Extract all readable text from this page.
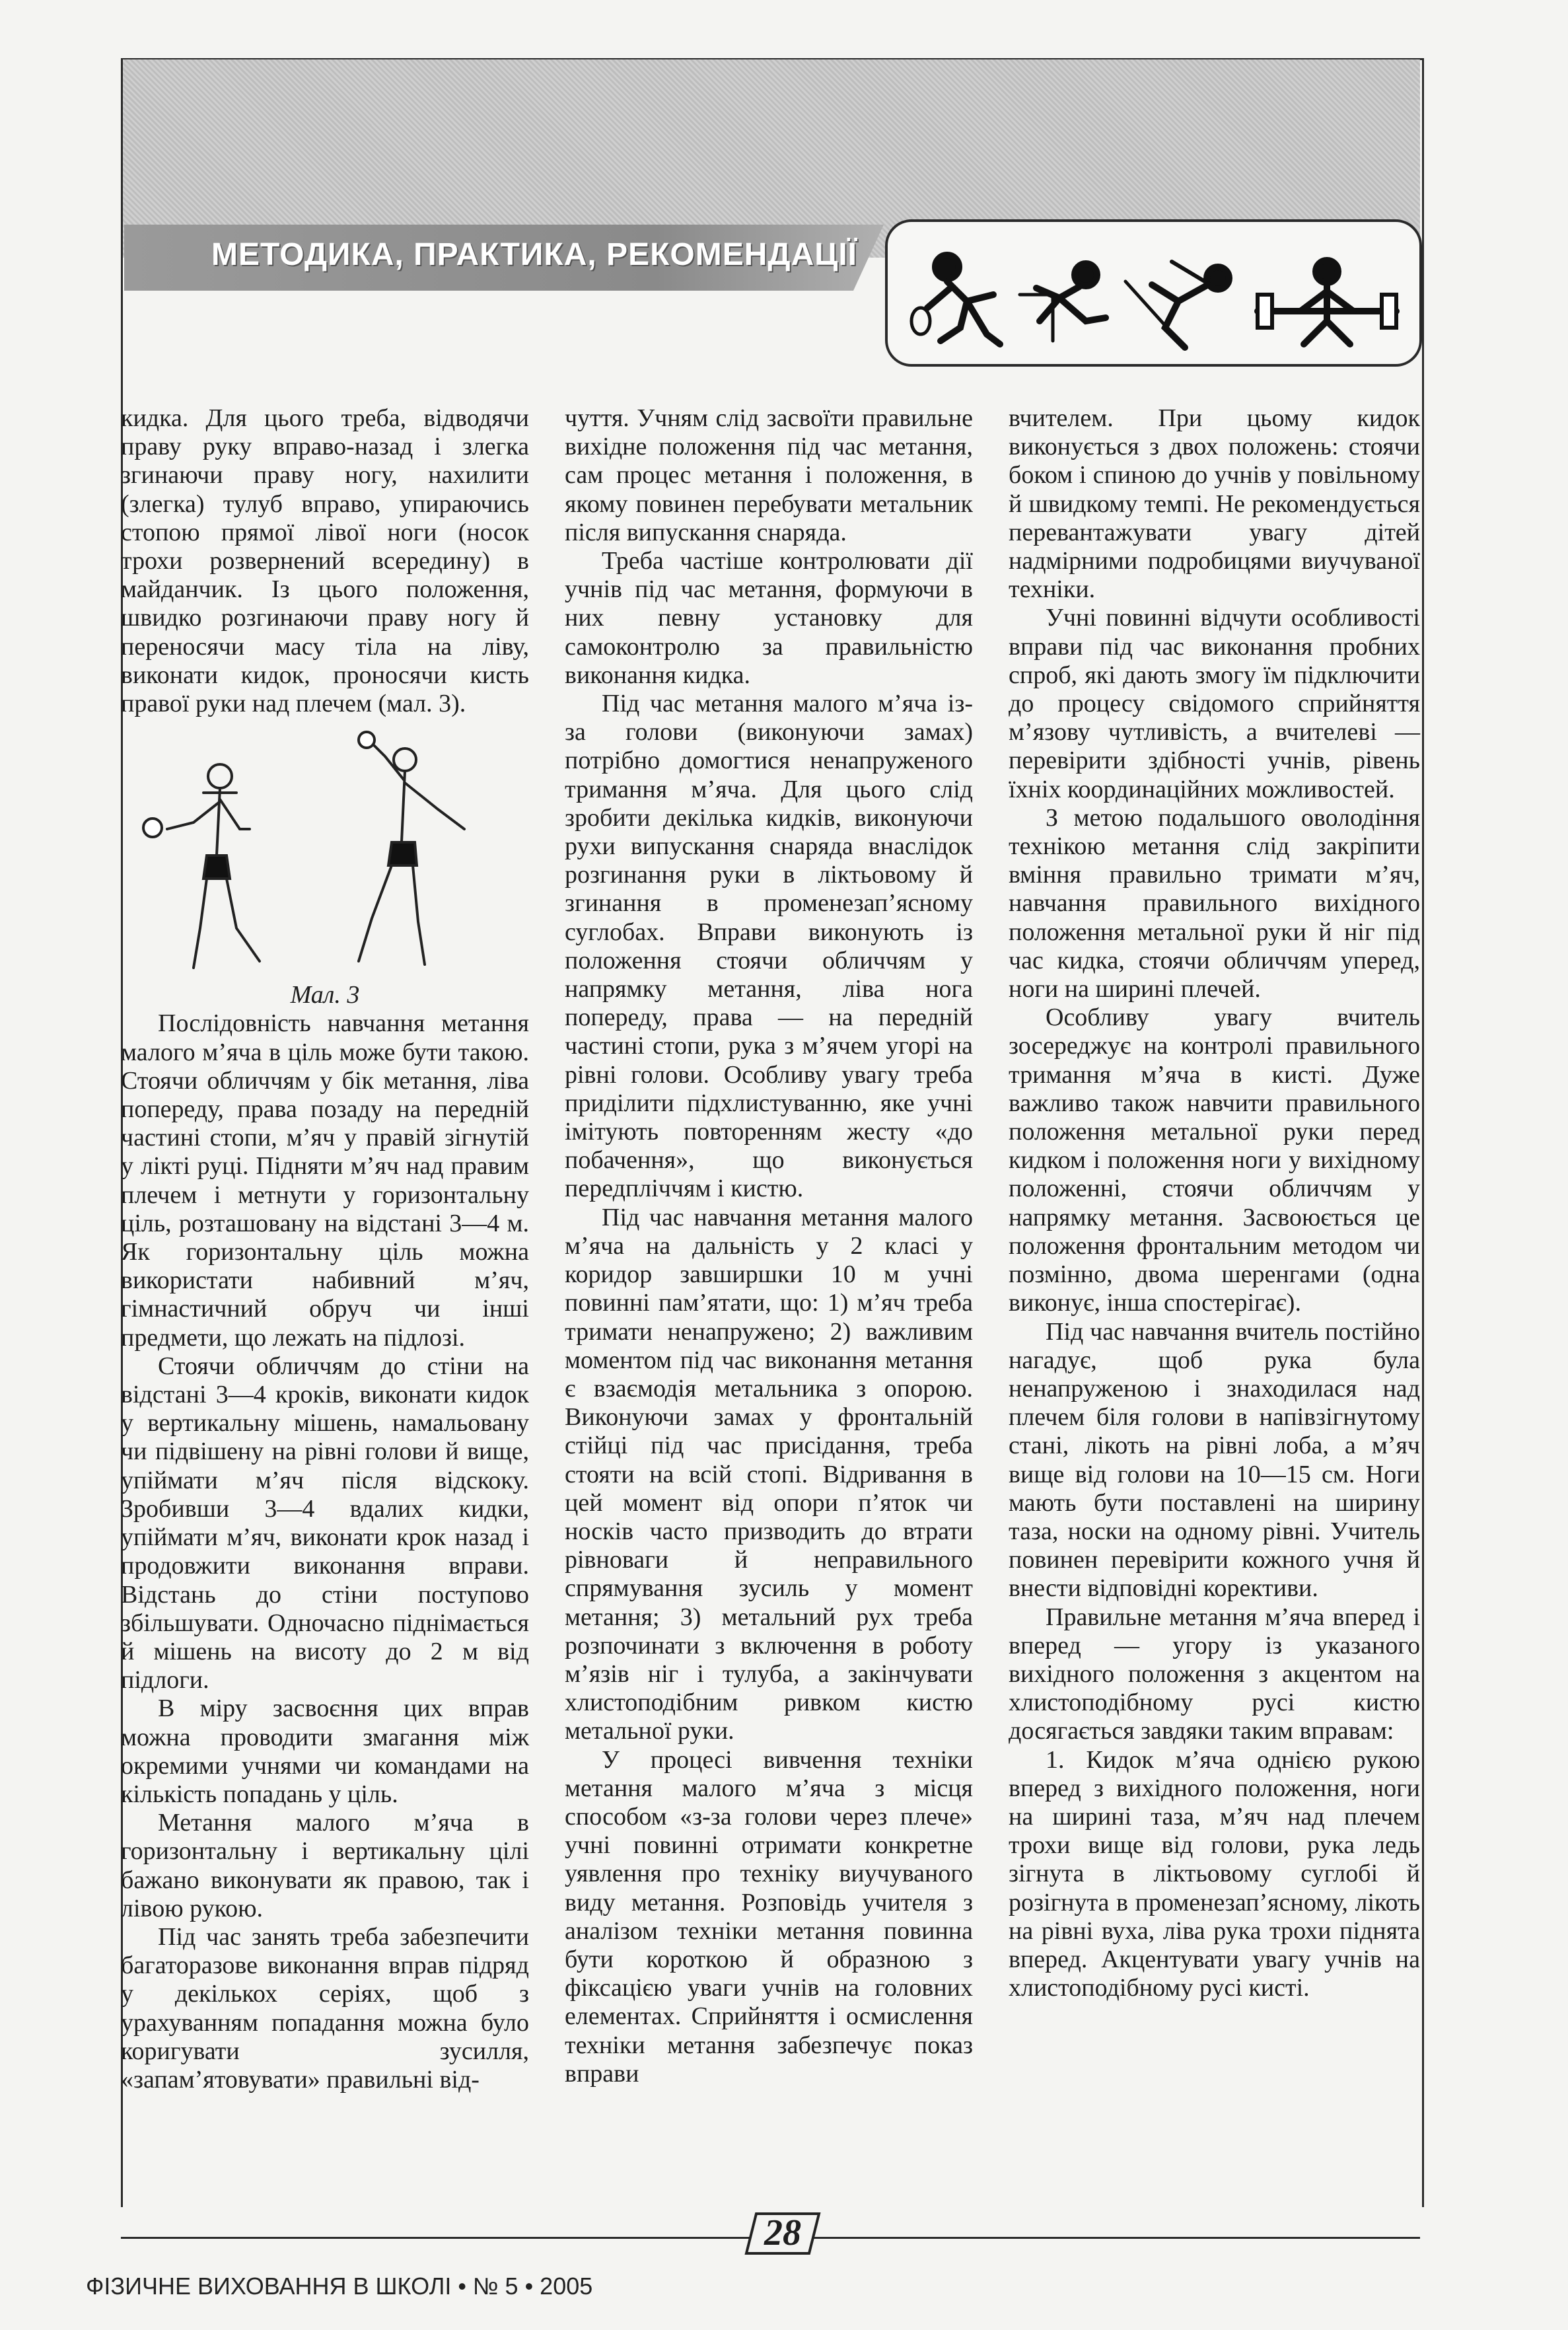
МЕТОДИКА, ПРАКТИКА, РЕКОМЕНДАЦІЇ

кидка. Для цього треба, відводячи праву руку вправо-назад і злегка згинаючи праву ногу, нахилити (злегка) тулуб вправо, упираючись стопою прямої лівої ноги (носок трохи розвернений всередину) в майданчик. Із цього положення, швидко розгинаючи праву ногу й переносячи масу тіла на ліву, виконати кидок, проносячи кисть правої руки над плечем (мал. 3).

Мал. 3

Послідовність навчання метання малого м’яча в ціль може бути такою. Стоячи обличчям у бік метання, ліва попереду, права позаду на передній частині стопи, м’яч у правій зігнутій у лікті руці. Підняти м’яч над правим плечем і метнути у горизонтальну ціль, розташовану на відстані 3—4 м. Як горизонтальну ціль можна використати набивний м’яч, гімнастичний обруч чи інші предмети, що лежать на підлозі.

Стоячи обличчям до стіни на відстані 3—4 кроків, виконати кидок у вертикальну мішень, намальовану чи підвішену на рівні голови й вище, упіймати м’яч після відскоку. Зробивши 3—4 вдалих кидки, упіймати м’яч, виконати крок назад і продовжити виконання вправи. Відстань до стіни поступово збільшувати. Одночасно піднімається й мішень на висоту до 2 м від підлоги.

В міру засвоєння цих вправ можна проводити змагання між окремими учнями чи командами на кількість попадань у ціль.

Метання малого м’яча в горизонтальну і вертикальну цілі бажано виконувати як правою, так і лівою рукою.

Під час занять треба забезпечити багаторазове виконання вправ підряд у декількох серіях, щоб з урахуванням попадання можна було коригувати зусилля, «запам’ятовувати» правильні від-

чуття. Учням слід засвоїти правильне вихідне положення під час метання, сам процес метання і положення, в якому повинен перебувати метальник після випускання снаряда.

Треба частіше контролювати дії учнів під час метання, формуючи в них певну установку для самоконтролю за правильністю виконання кидка.

Під час метання малого м’яча із-за голови (виконуючи замах) потрібно домогтися ненапруженого тримання м’яча. Для цього слід зробити декілька кидків, виконуючи рухи випускання снаряда внаслідок розгинання руки в ліктьовому й згинання в променезап’ясному суглобах. Вправи виконують із положення стоячи обличчям у напрямку метання, ліва нога попереду, права — на передній частині стопи, рука з м’ячем угорі на рівні голови. Особливу увагу треба приділити підхлистуванню, яке учні імітують повторенням жесту «до побачення», що виконується передпліччям і кистю.

Під час навчання метання малого м’яча на дальність у 2 класі у коридор завширшки 10 м учні повинні пам’ятати, що: 1) м’яч треба тримати ненапружено; 2) важливим моментом під час виконання метання є взаємодія метальника з опорою. Виконуючи замах у фронтальній стійці під час присідання, треба стояти на всій стопі. Відривання в цей момент від опори п’яток чи носків часто призводить до втрати рівноваги й неправильного спрямування зусиль у момент метання; 3) метальний рух треба розпочинати з включення в роботу м’язів ніг і тулуба, а закінчувати хлистоподібним ривком кистю метальної руки.

У процесі вивчення техніки метання малого м’яча з місця способом «з-за голови через плече» учні повинні отримати конкретне уявлення про техніку виучуваного виду метання. Розповідь учителя з аналізом техніки метання повинна бути короткою й образною з фіксацією уваги учнів на головних елементах. Сприйняття і осмислення техніки метання забезпечує показ вправи

вчителем. При цьому кидок виконується з двох положень: стоячи боком і спиною до учнів у повільному й швидкому темпі. Не рекомендується перевантажувати увагу дітей надмірними подробицями виучуваної техніки.

Учні повинні відчути особливості вправи під час виконання пробних спроб, які дають змогу їм підключити до процесу свідомого сприйняття м’язову чутливість, а вчителеві — перевірити здібності учнів, рівень їхніх координаційних можливостей.

З метою подальшого оволодіння технікою метання слід закріпити вміння правильно тримати м’яч, навчання правильного вихідного положення метальної руки й ніг під час кидка, стоячи обличчям уперед, ноги на ширині плечей.

Особливу увагу вчитель зосереджує на контролі правильного тримання м’яча в кисті. Дуже важливо також навчити правильного положення метальної руки перед кидком і положення ноги у вихідному положенні, стоячи обличчям у напрямку метання. Засвоюється це положення фронтальним методом чи позмінно, двома шеренгами (одна виконує, інша спостерігає).

Під час навчання вчитель постійно нагадує, щоб рука була ненапруженою і знаходилася над плечем біля голови в напівзігнутому стані, лікоть на рівні лоба, а м’яч вище від голови на 10—15 см. Ноги мають бути поставлені на ширину таза, носки на одному рівні. Учитель повинен перевірити кожного учня й внести відповідні корективи.

Правильне метання м’яча вперед і вперед — угору із указаного вихідного положення з акцентом на хлистоподібному русі кистю досягається завдяки таким вправам:

1. Кидок м’яча однією рукою вперед з вихідного положення, ноги на ширині таза, м’яч над плечем трохи вище від голови, рука ледь зігнута в ліктьовому суглобі й розігнута в променезап’ясному, лікоть на рівні вуха, ліва рука трохи піднята вперед. Акцентувати увагу учнів на хлистоподібному русі кисті.

28
ФІЗИЧНЕ ВИХОВАННЯ В ШКОЛІ • № 5 • 2005
